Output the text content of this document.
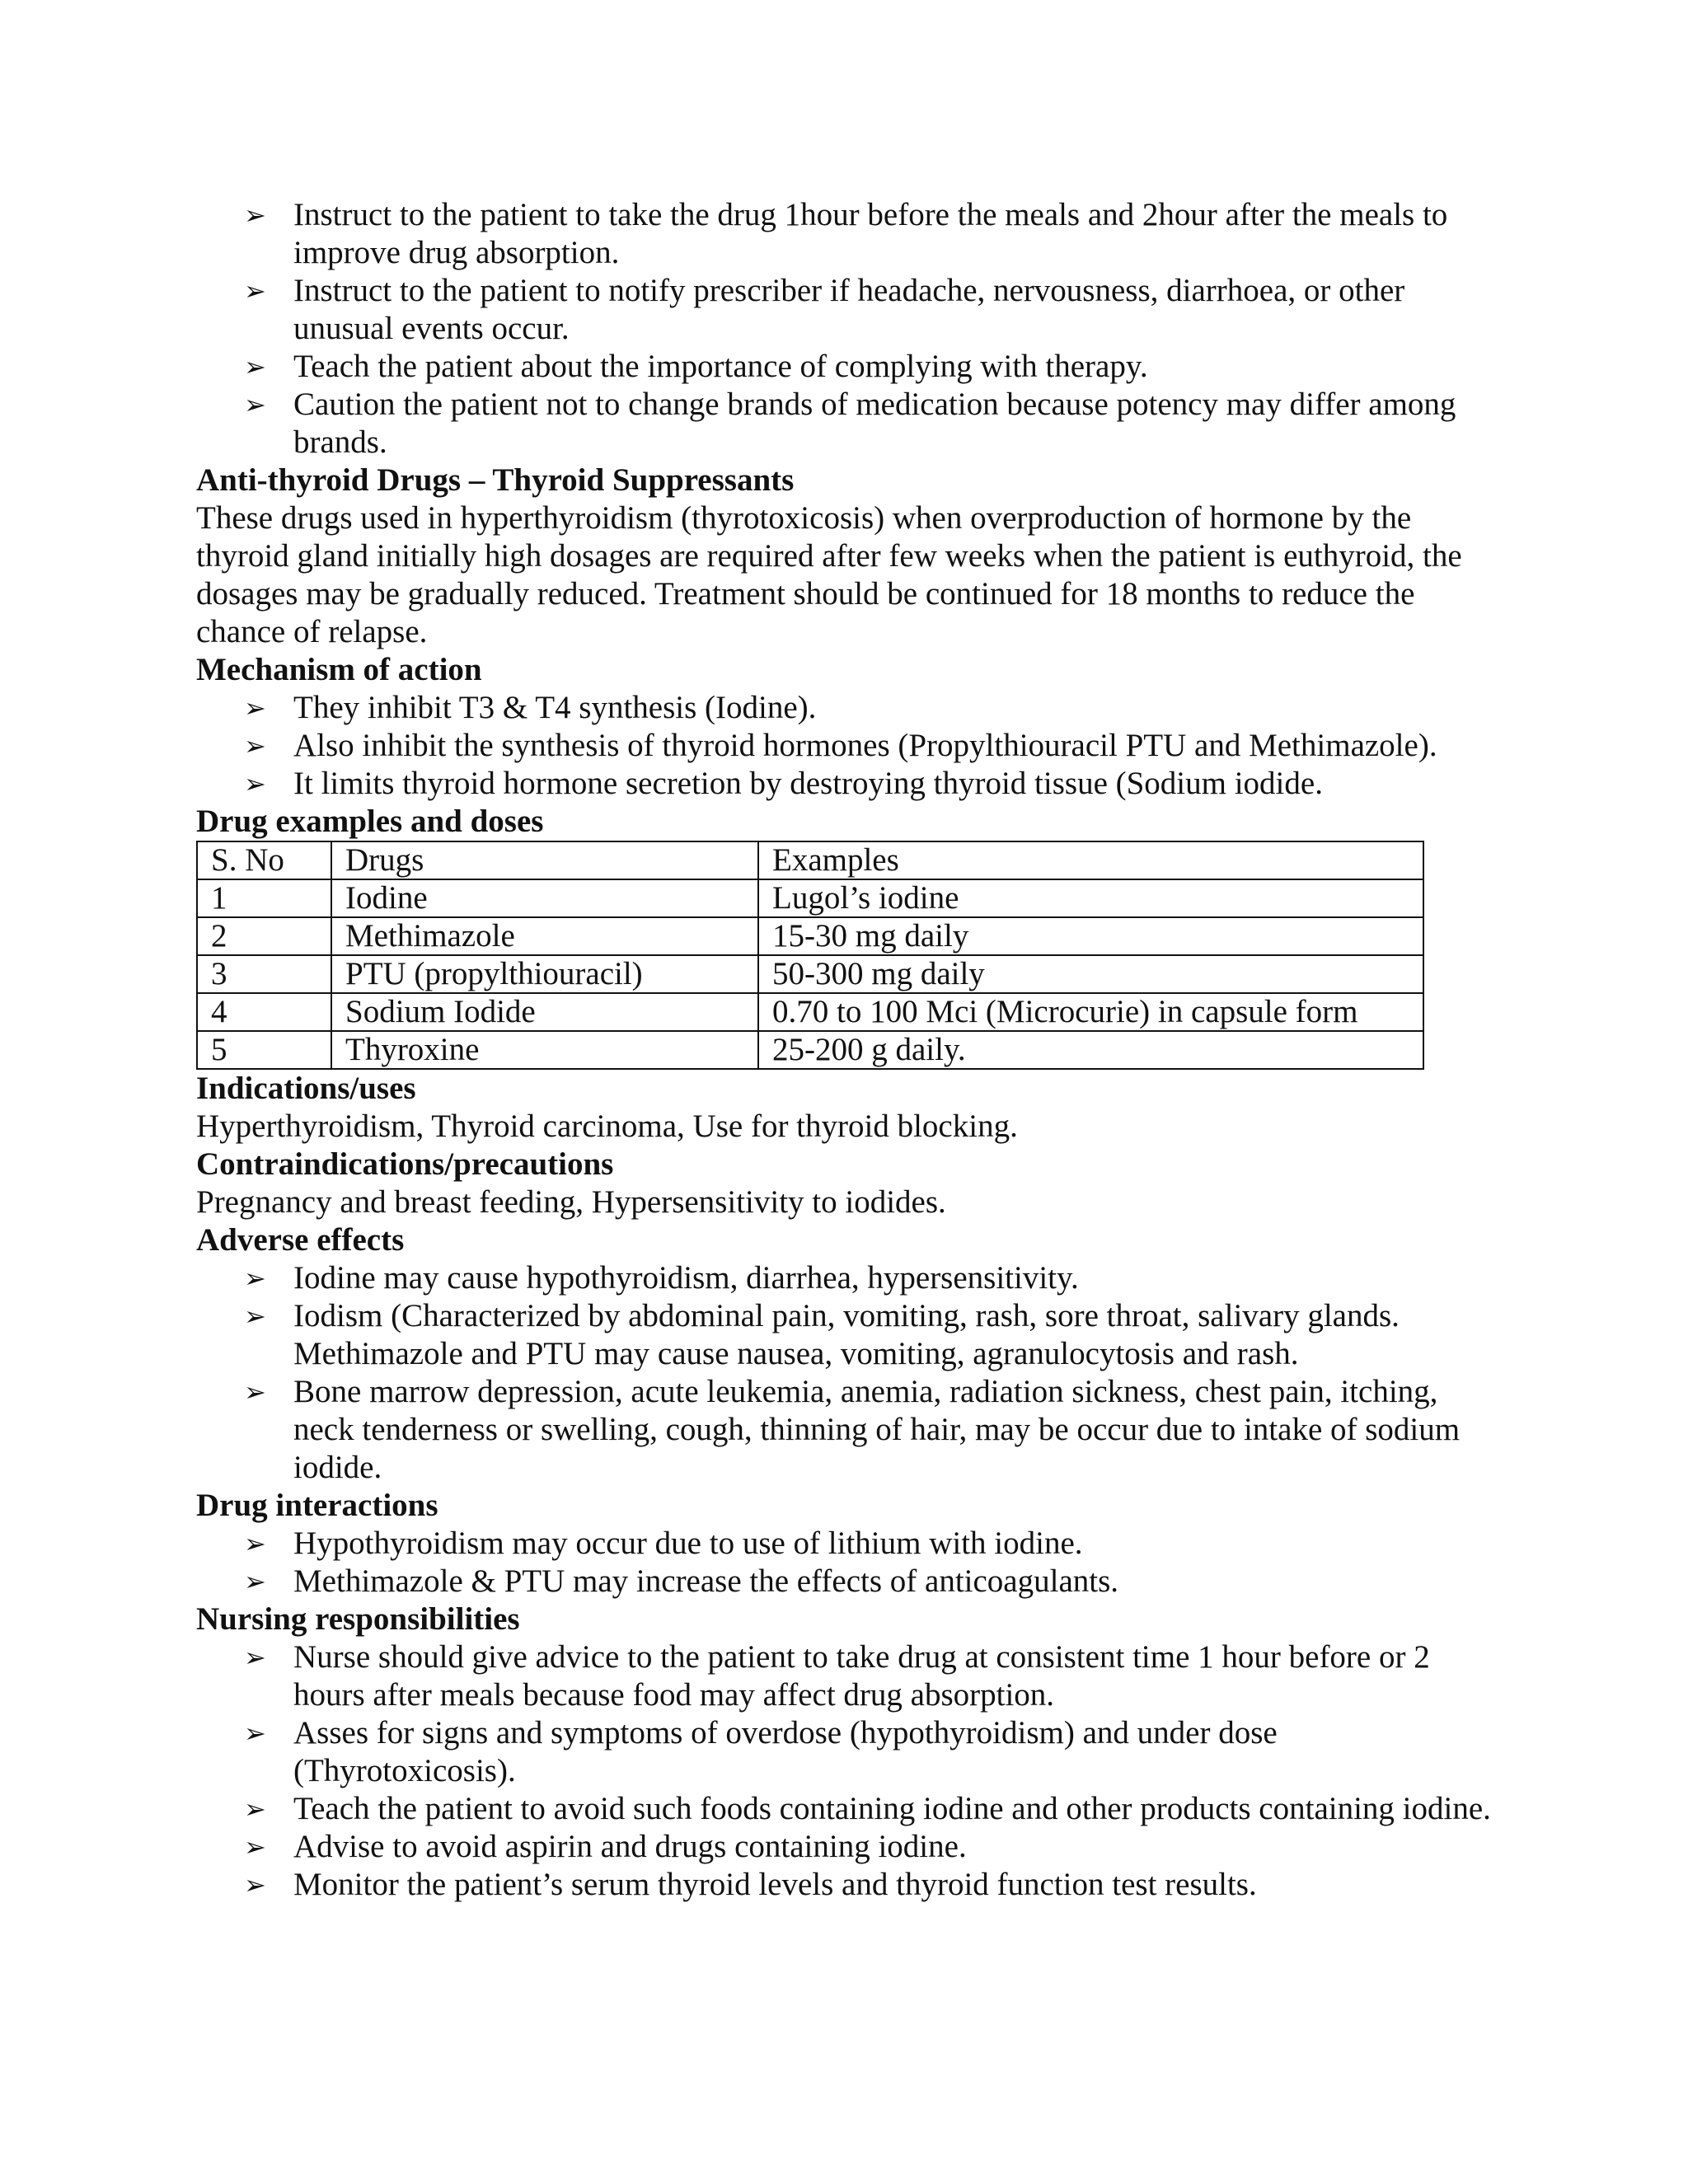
➢ Instruct to the patient to take the drug 1hour before the meals and 2hour after the meals to improve drug absorption.
➢ Instruct to the patient to notify prescriber if headache, nervousness, diarrhoea, or other unusual events occur.
➢ Teach the patient about the importance of complying with therapy.
➢ Caution the patient not to change brands of medication because potency may differ among brands.

Anti-thyroid Drugs – Thyroid Suppressants

These drugs used in hyperthyroidism (thyrotoxicosis) when overproduction of hormone by the thyroid gland initially high dosages are required after few weeks when the patient is euthyroid, the dosages may be gradually reduced. Treatment should be continued for 18 months to reduce the chance of relapse.

Mechanism of action

➢ They inhibit T3 & T4 synthesis (Iodine).
➢ Also inhibit the synthesis of thyroid hormones (Propylthiouracil PTU and Methimazole).
➢ It limits thyroid hormone secretion by destroying thyroid tissue (Sodium iodide.

Drug examples and doses

S. No	Drugs	Examples
1	Iodine	Lugol’s iodine
2	Methimazole	15-30 mg daily
3	PTU (propylthiouracil)	50-300 mg daily
4	Sodium Iodide	0.70 to 100 Mci (Microcurie) in capsule form
5	Thyroxine	25-200 g daily.

Indications/uses

Hyperthyroidism, Thyroid carcinoma, Use for thyroid blocking.

Contraindications/precautions

Pregnancy and breast feeding, Hypersensitivity to iodides.

Adverse effects

➢ Iodine may cause hypothyroidism, diarrhea, hypersensitivity.
➢ Iodism (Characterized by abdominal pain, vomiting, rash, sore throat, salivary glands. Methimazole and PTU may cause nausea, vomiting, agranulocytosis and rash.
➢ Bone marrow depression, acute leukemia, anemia, radiation sickness, chest pain, itching, neck tenderness or swelling, cough, thinning of hair, may be occur due to intake of sodium iodide.

Drug interactions

➢ Hypothyroidism may occur due to use of lithium with iodine.
➢ Methimazole & PTU may increase the effects of anticoagulants.

Nursing responsibilities

➢ Nurse should give advice to the patient to take drug at consistent time 1 hour before or 2 hours after meals because food may affect drug absorption.
➢ Asses for signs and symptoms of overdose (hypothyroidism) and under dose (Thyrotoxicosis).
➢ Teach the patient to avoid such foods containing iodine and other products containing iodine.
➢ Advise to avoid aspirin and drugs containing iodine.
➢ Monitor the patient’s serum thyroid levels and thyroid function test results.
